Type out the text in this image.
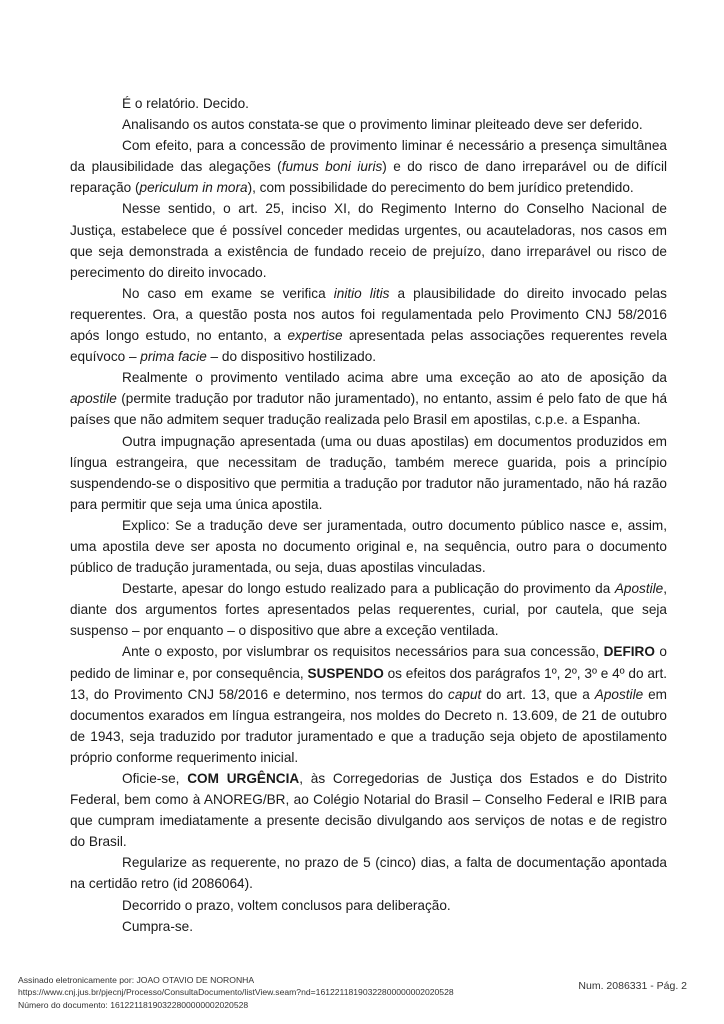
É o relatório. Decido.

Analisando os autos constata-se que o provimento liminar pleiteado deve ser deferido.

Com efeito, para a concessão de provimento liminar é necessário a presença simultânea da plausibilidade das alegações (fumus boni iuris) e do risco de dano irreparável ou de difícil reparação (periculum in mora), com possibilidade do perecimento do bem jurídico pretendido.

Nesse sentido, o art. 25, inciso XI, do Regimento Interno do Conselho Nacional de Justiça, estabelece que é possível conceder medidas urgentes, ou acauteladoras, nos casos em que seja demonstrada a existência de fundado receio de prejuízo, dano irreparável ou risco de perecimento do direito invocado.

No caso em exame se verifica initio litis a plausibilidade do direito invocado pelas requerentes. Ora, a questão posta nos autos foi regulamentada pelo Provimento CNJ 58/2016 após longo estudo, no entanto, a expertise apresentada pelas associações requerentes revela equívoco – prima facie – do dispositivo hostilizado.

Realmente o provimento ventilado acima abre uma exceção ao ato de aposição da apostile (permite tradução por tradutor não juramentado), no entanto, assim é pelo fato de que há países que não admitem sequer tradução realizada pelo Brasil em apostilas, c.p.e. a Espanha.

Outra impugnação apresentada (uma ou duas apostilas) em documentos produzidos em língua estrangeira, que necessitam de tradução, também merece guarida, pois a princípio suspendendo-se o dispositivo que permitia a tradução por tradutor não juramentado, não há razão para permitir que seja uma única apostila.

Explico: Se a tradução deve ser juramentada, outro documento público nasce e, assim, uma apostila deve ser aposta no documento original e, na sequência, outro para o documento público de tradução juramentada, ou seja, duas apostilas vinculadas.

Destarte, apesar do longo estudo realizado para a publicação do provimento da Apostile, diante dos argumentos fortes apresentados pelas requerentes, curial, por cautela, que seja suspenso – por enquanto – o dispositivo que abre a exceção ventilada.

Ante o exposto, por vislumbrar os requisitos necessários para sua concessão, DEFIRO o pedido de liminar e, por consequência, SUSPENDO os efeitos dos parágrafos 1º, 2º, 3º e 4º do art. 13, do Provimento CNJ 58/2016 e determino, nos termos do caput do art. 13, que a Apostile em documentos exarados em língua estrangeira, nos moldes do Decreto n. 13.609, de 21 de outubro de 1943, seja traduzido por tradutor juramentado e que a tradução seja objeto de apostilamento próprio conforme requerimento inicial.

Oficie-se, COM URGÊNCIA, às Corregedorias de Justiça dos Estados e do Distrito Federal, bem como à ANOREG/BR, ao Colégio Notarial do Brasil – Conselho Federal e IRIB para que cumpram imediatamente a presente decisão divulgando aos serviços de notas e de registro do Brasil.

Regularize as requerente, no prazo de 5 (cinco) dias, a falta de documentação apontada na certidão retro (id 2086064).

Decorrido o prazo, voltem conclusos para deliberação.

Cumpra-se.

Assinado eletronicamente por: JOAO OTAVIO DE NORONHA
https://www.cnj.jus.br/pjecnj/Processo/ConsultaDocumento/listView.seam?nd=16122118190322800000002020528
Número do documento: 16122118190322800000002020528
Num. 2086331 - Pág. 2
